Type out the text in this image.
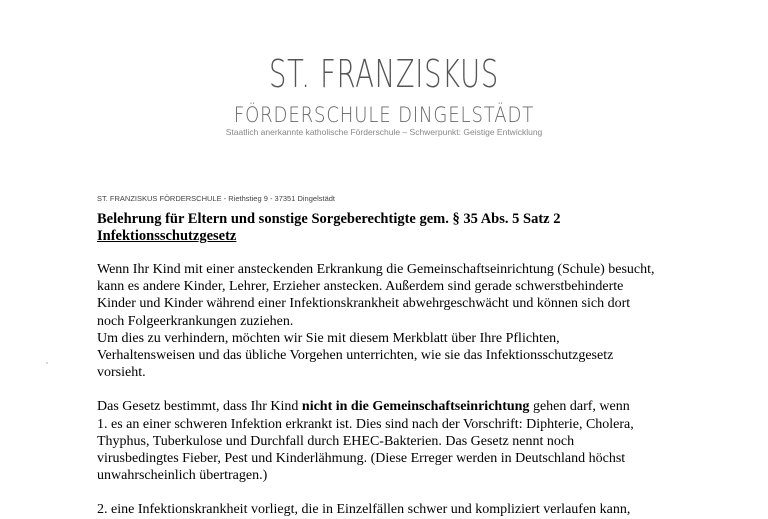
ST. FRANZISKUS
FÖRDERSCHULE DINGELSTÄDT
Staatlich anerkannte katholische Förderschule – Schwerpunkt: Geistige Entwicklung
ST. FRANZISKUS FÖRDERSCHULE - Riethstieg 9 - 37351 Dingelstädt
Belehrung für Eltern und sonstige Sorgeberechtigte gem. § 35 Abs. 5 Satz 2
Infektionsschutzgesetz

Wenn Ihr Kind mit einer ansteckenden Erkrankung die Gemeinschaftseinrichtung (Schule) besucht,

kann es andere Kinder, Lehrer, Erzieher anstecken. Außerdem sind gerade schwerstbehinderte

Kinder und Kinder während einer Infektionskrankheit abwehrgeschwächt und können sich dort

noch Folgeerkrankungen zuziehen.

Um dies zu verhindern, möchten wir Sie mit diesem Merkblatt über Ihre Pflichten,

Verhaltensweisen und das übliche Vorgehen unterrichten, wie sie das Infektionsschutzgesetz

vorsieht.

Das Gesetz bestimmt, dass Ihr Kind nicht in die Gemeinschaftseinrichtung gehen darf, wenn

1. es an einer schweren Infektion erkrankt ist. Dies sind nach der Vorschrift: Diphterie, Cholera,

Thyphus, Tuberkulose und Durchfall durch EHEC-Bakterien. Das Gesetz nennt noch

virusbedingtes Fieber, Pest und Kinderlähmung. (Diese Erreger werden in Deutschland höchst

unwahrscheinlich übertragen.)

2. eine Infektionskrankheit vorliegt, die in Einzelfällen schwer und kompliziert verlaufen kann,
